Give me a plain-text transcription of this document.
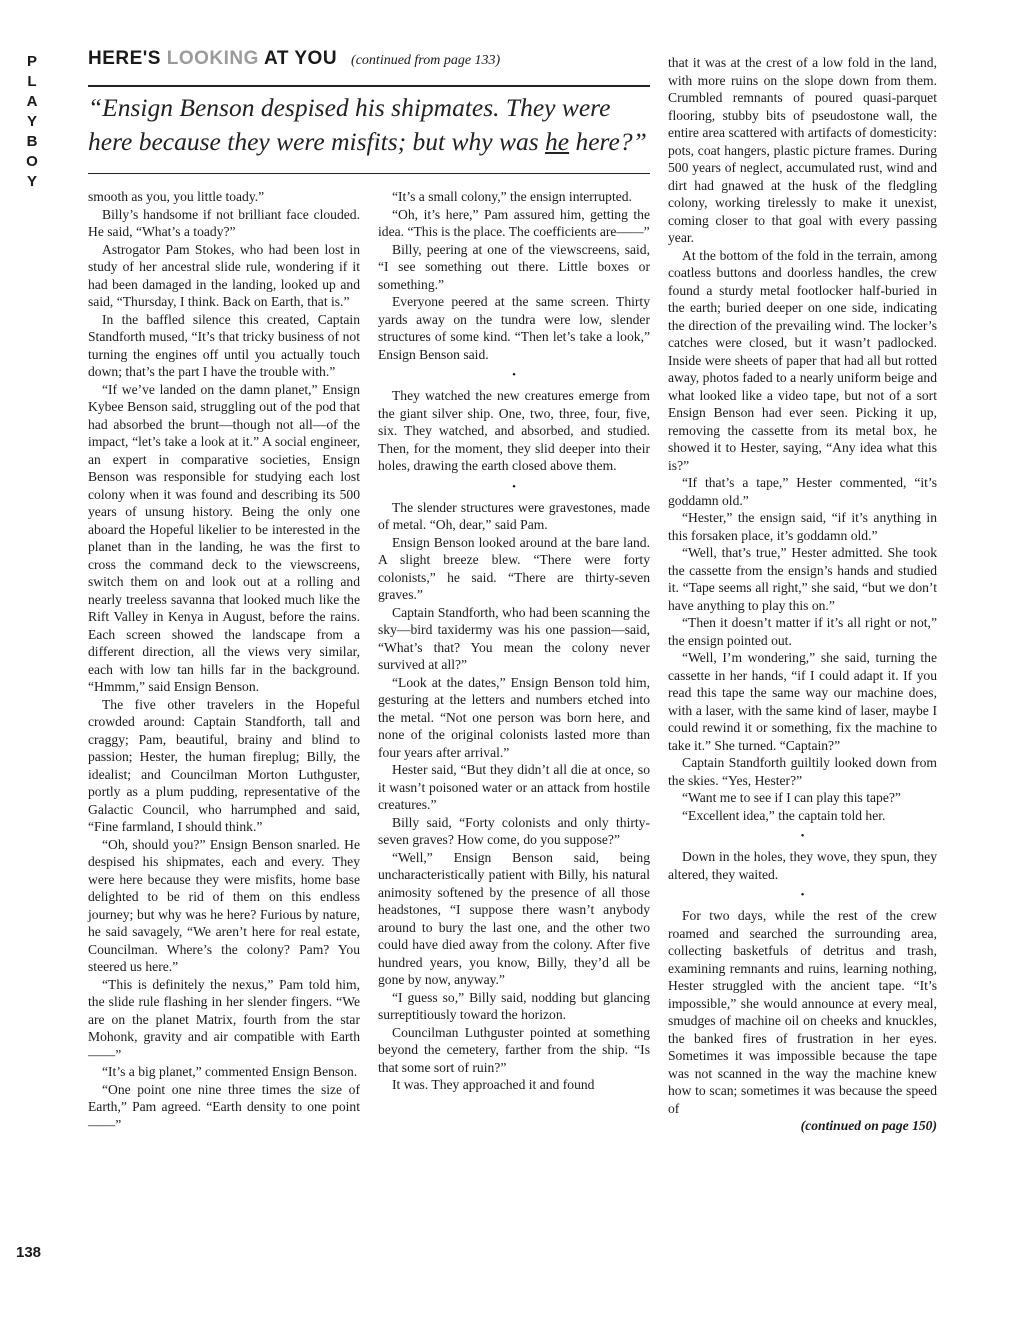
P
L
A
Y
B
O
Y
138
HERE'S LOOKING AT YOU (continued from page 133)
“Ensign Benson despised his shipmates. They were here because they were misfits; but why was he here?”

smooth as you, you little toady.”

Billy’s handsome if not brilliant face clouded. He said, “What’s a toady?”

Astrogator Pam Stokes, who had been lost in study of her ancestral slide rule, wondering if it had been damaged in the landing, looked up and said, “Thursday, I think. Back on Earth, that is.”

In the baffled silence this created, Captain Standforth mused, “It’s that tricky business of not turning the engines off until you actually touch down; that’s the part I have the trouble with.”

“If we’ve landed on the damn planet,” Ensign Kybee Benson said, struggling out of the pod that had absorbed the brunt—though not all—of the impact, “let’s take a look at it.” A social engineer, an expert in comparative societies, Ensign Benson was responsible for studying each lost colony when it was found and describing its 500 years of unsung history. Being the only one aboard the Hopeful likelier to be interested in the planet than in the landing, he was the first to cross the command deck to the viewscreens, switch them on and look out at a rolling and nearly treeless savanna that looked much like the Rift Valley in Kenya in August, before the rains. Each screen showed the landscape from a different direction, all the views very similar, each with low tan hills far in the background. “Hmmm,” said Ensign Benson.

The five other travelers in the Hopeful crowded around: Captain Standforth, tall and craggy; Pam, beautiful, brainy and blind to passion; Hester, the human fireplug; Billy, the idealist; and Councilman Morton Luthguster, portly as a plum pudding, representative of the Galactic Council, who harrumphed and said, “Fine farmland, I should think.”

“Oh, should you?” Ensign Benson snarled. He despised his shipmates, each and every. They were here because they were misfits, home base delighted to be rid of them on this endless journey; but why was he here? Furious by nature, he said savagely, “We aren’t here for real estate, Councilman. Where’s the colony? Pam? You steered us here.”

“This is definitely the nexus,” Pam told him, the slide rule flashing in her slender fingers. “We are on the planet Matrix, fourth from the star Mohonk, gravity and air compatible with Earth——”

“It’s a big planet,” commented Ensign Benson.

“One point one nine three times the size of Earth,” Pam agreed. “Earth density to one point——”

“It’s a small colony,” the ensign interrupted.

“Oh, it’s here,” Pam assured him, getting the idea. “This is the place. The coefficients are——”

Billy, peering at one of the viewscreens, said, “I see something out there. Little boxes or something.”

Everyone peered at the same screen. Thirty yards away on the tundra were low, slender structures of some kind. “Then let’s take a look,” Ensign Benson said.

•

They watched the new creatures emerge from the giant silver ship. One, two, three, four, five, six. They watched, and absorbed, and studied. Then, for the moment, they slid deeper into their holes, drawing the earth closed above them.

•

The slender structures were gravestones, made of metal. “Oh, dear,” said Pam.

Ensign Benson looked around at the bare land. A slight breeze blew. “There were forty colonists,” he said. “There are thirty-seven graves.”

Captain Standforth, who had been scanning the sky—bird taxidermy was his one passion—said, “What’s that? You mean the colony never survived at all?”

“Look at the dates,” Ensign Benson told him, gesturing at the letters and numbers etched into the metal. “Not one person was born here, and none of the original colonists lasted more than four years after arrival.”

Hester said, “But they didn’t all die at once, so it wasn’t poisoned water or an attack from hostile creatures.”

Billy said, “Forty colonists and only thirty-seven graves? How come, do you suppose?”

“Well,” Ensign Benson said, being uncharacteristically patient with Billy, his natural animosity softened by the presence of all those headstones, “I suppose there wasn’t anybody around to bury the last one, and the other two could have died away from the colony. After five hundred years, you know, Billy, they’d all be gone by now, anyway.”

“I guess so,” Billy said, nodding but glancing surreptitiously toward the horizon.

Councilman Luthguster pointed at something beyond the cemetery, farther from the ship. “Is that some sort of ruin?”

It was. They approached it and found

that it was at the crest of a low fold in the land, with more ruins on the slope down from them. Crumbled remnants of poured quasi-parquet flooring, stubby bits of pseudostone wall, the entire area scattered with artifacts of domesticity: pots, coat hangers, plastic picture frames. During 500 years of neglect, accumulated rust, wind and dirt had gnawed at the husk of the fledgling colony, working tirelessly to make it unexist, coming closer to that goal with every passing year.

At the bottom of the fold in the terrain, among coatless buttons and doorless handles, the crew found a sturdy metal footlocker half-buried in the earth; buried deeper on one side, indicating the direction of the prevailing wind. The locker’s catches were closed, but it wasn’t padlocked. Inside were sheets of paper that had all but rotted away, photos faded to a nearly uniform beige and what looked like a video tape, but not of a sort Ensign Benson had ever seen. Picking it up, removing the cassette from its metal box, he showed it to Hester, saying, “Any idea what this is?”

“If that’s a tape,” Hester commented, “it’s goddamn old.”

“Hester,” the ensign said, “if it’s anything in this forsaken place, it’s goddamn old.”

“Well, that’s true,” Hester admitted. She took the cassette from the ensign’s hands and studied it. “Tape seems all right,” she said, “but we don’t have anything to play this on.”

“Then it doesn’t matter if it’s all right or not,” the ensign pointed out.

“Well, I’m wondering,” she said, turning the cassette in her hands, “if I could adapt it. If you read this tape the same way our machine does, with a laser, with the same kind of laser, maybe I could rewind it or something, fix the machine to take it.” She turned. “Captain?”

Captain Standforth guiltily looked down from the skies. “Yes, Hester?”

“Want me to see if I can play this tape?”

“Excellent idea,” the captain told her.

•

Down in the holes, they wove, they spun, they altered, they waited.

•

For two days, while the rest of the crew roamed and searched the surrounding area, collecting basketfuls of detritus and trash, examining remnants and ruins, learning nothing, Hester struggled with the ancient tape. “It’s impossible,” she would announce at every meal, smudges of machine oil on cheeks and knuckles, the banked fires of frustration in her eyes. Sometimes it was impossible because the tape was not scanned in the way the machine knew how to scan; sometimes it was because the speed of

(continued on page 150)
